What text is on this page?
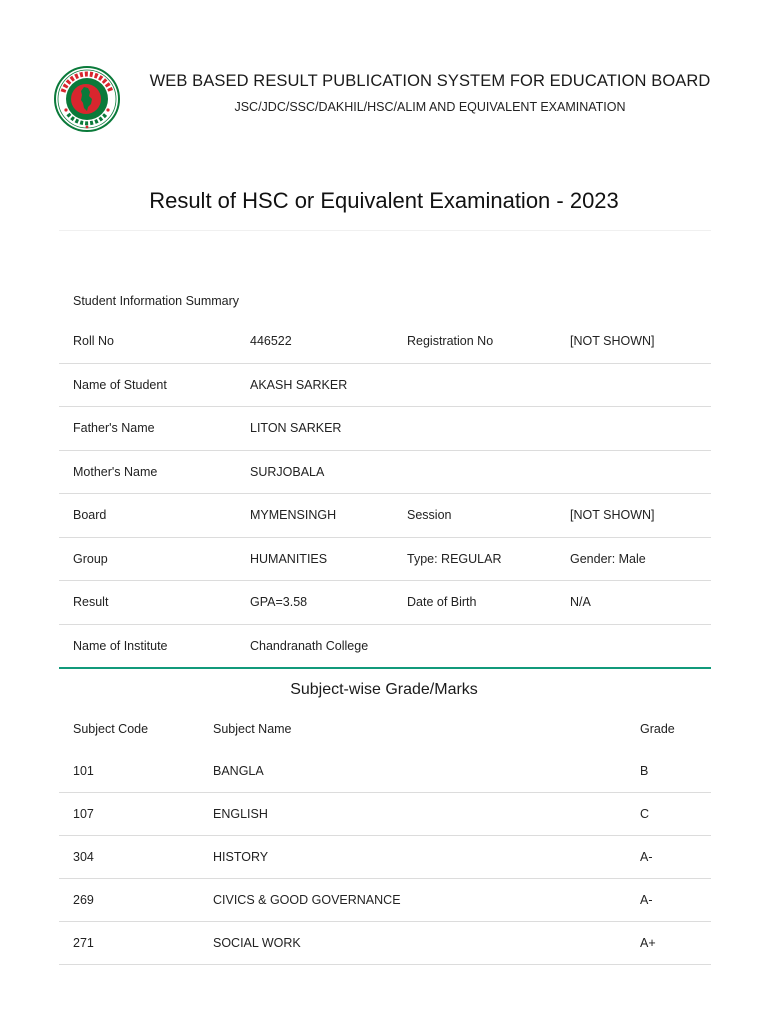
WEB BASED RESULT PUBLICATION SYSTEM FOR EDUCATION BOARD
JSC/JDC/SSC/DAKHIL/HSC/ALIM AND EQUIVALENT EXAMINATION
Result of HSC or Equivalent Examination - 2023
Student Information Summary
Roll No	446522	Registration No	[NOT SHOWN]
Name of Student	AKASH SARKER		
Father's Name	LITON SARKER		
Mother's Name	SURJOBALA		
Board	MYMENSINGH	Session	[NOT SHOWN]
Group	HUMANITIES	Type: REGULAR	Gender: Male
Result	GPA=3.58	Date of Birth	N/A
Name of Institute	Chandranath College		
Subject-wise Grade/Marks
Subject Code	Subject Name	Grade
101	BANGLA	B
107	ENGLISH	C
304	HISTORY	A-
269	CIVICS & GOOD GOVERNANCE	A-
271	SOCIAL WORK	A+
